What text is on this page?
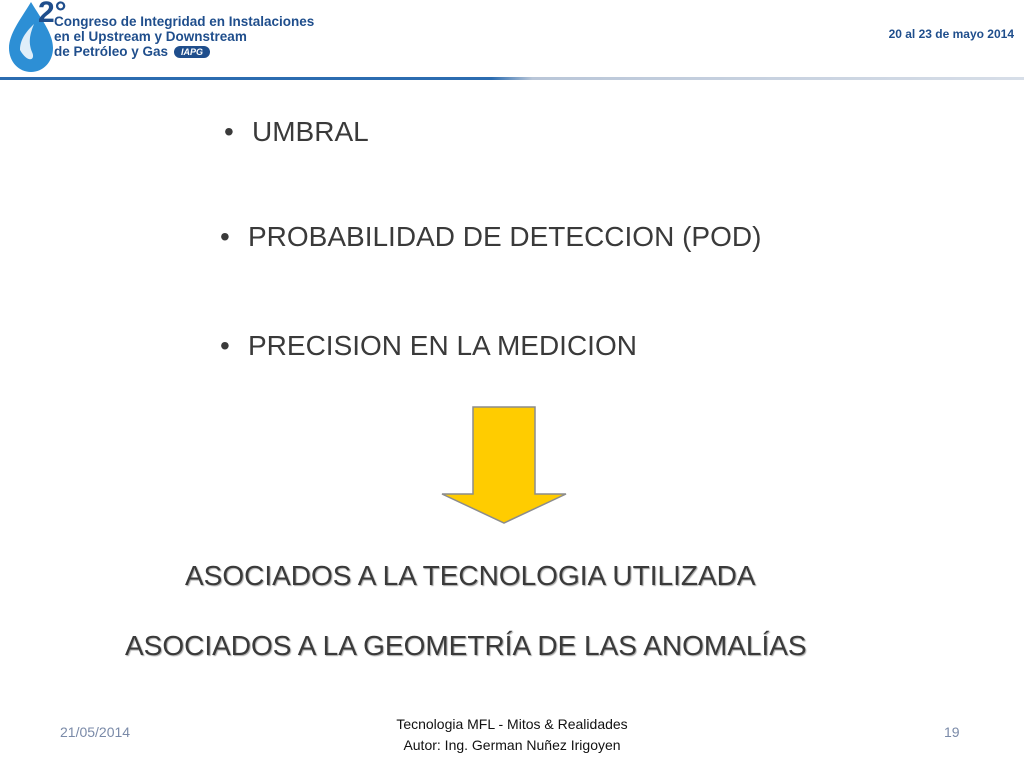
2°
Congreso de Integridad en Instalaciones
en el Upstream y Downstream
de Petróleo y Gas IAPG
20 al 23 de mayo 2014
• UMBRAL
• PROBABILIDAD DE DETECCION (POD)
• PRECISION EN LA MEDICION
ASOCIADOS A LA TECNOLOGIA UTILIZADA
ASOCIADOS A LA GEOMETRÍA DE LAS ANOMALÍAS
21/05/2014	Tecnologia MFL - Mitos & Realidades
Autor: Ing. German Nuñez Irigoyen
19
